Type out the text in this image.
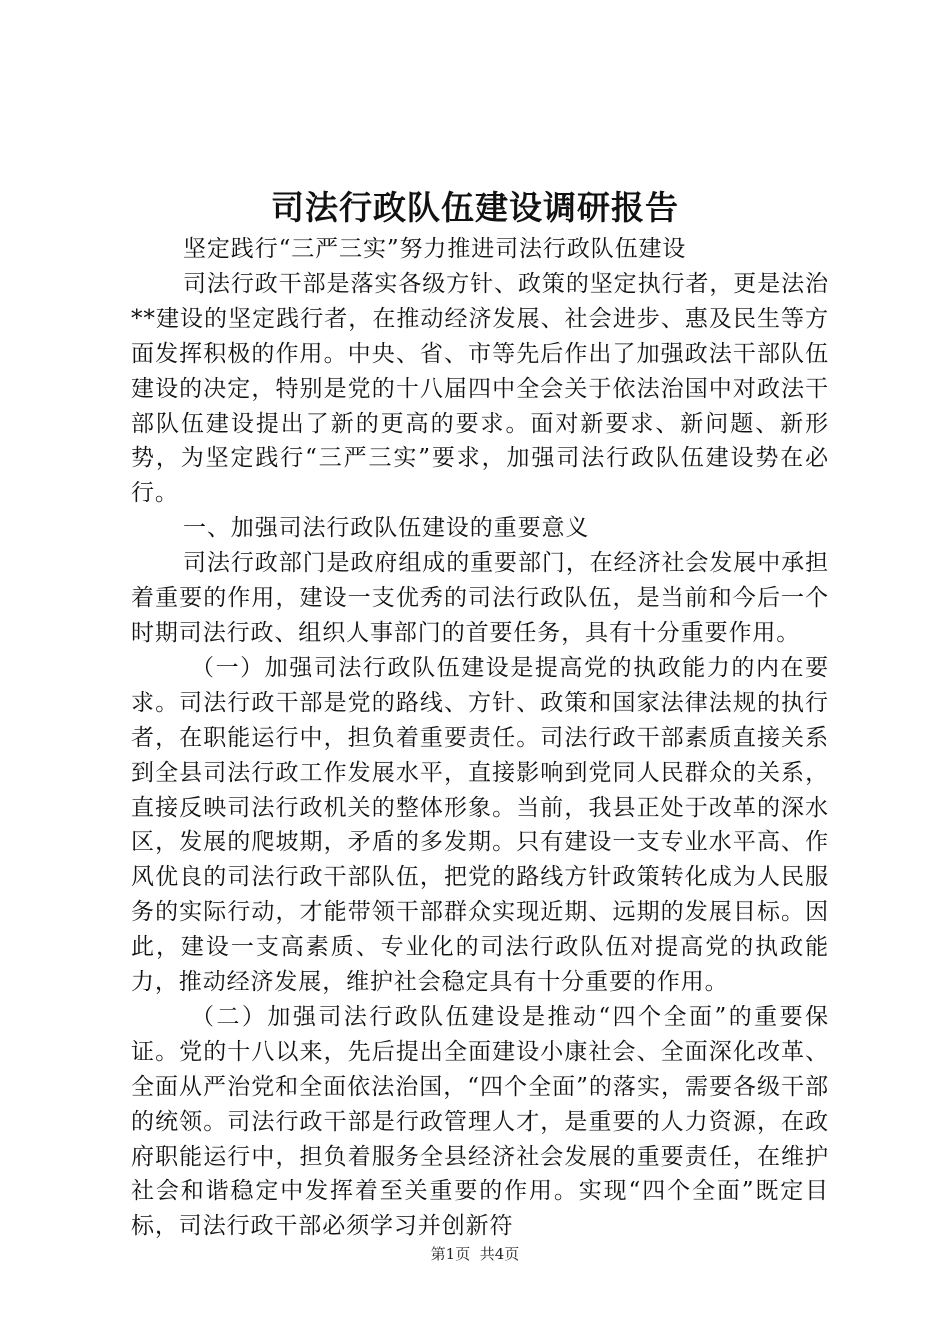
司法行政队伍建设调研报告

坚定践行“三严三实”努力推进司法行政队伍建设

司法行政干部是落实各级方针、政策的坚定执行者，更是法治**建设的坚定践行者，在推动经济发展、社会进步、惠及民生等方面发挥积极的作用。中央、省、市等先后作出了加强政法干部队伍建设的决定，特别是党的十八届四中全会关于依法治国中对政法干部队伍建设提出了新的更高的要求。面对新要求、新问题、新形势，为坚定践行“三严三实”要求，加强司法行政队伍建设势在必行。

一、加强司法行政队伍建设的重要意义

司法行政部门是政府组成的重要部门，在经济社会发展中承担着重要的作用，建设一支优秀的司法行政队伍，是当前和今后一个时期司法行政、组织人事部门的首要任务，具有十分重要作用。

（一）加强司法行政队伍建设是提高党的执政能力的内在要求。司法行政干部是党的路线、方针、政策和国家法律法规的执行者，在职能运行中，担负着重要责任。司法行政干部素质直接关系到全县司法行政工作发展水平，直接影响到党同人民群众的关系，直接反映司法行政机关的整体形象。当前，我县正处于改革的深水区，发展的爬坡期，矛盾的多发期。只有建设一支专业水平高、作风优良的司法行政干部队伍，把党的路线方针政策转化成为人民服务的实际行动，才能带领干部群众实现近期、远期的发展目标。因此，建设一支高素质、专业化的司法行政队伍对提高党的执政能力，推动经济发展，维护社会稳定具有十分重要的作用。

（二）加强司法行政队伍建设是推动“四个全面”的重要保证。党的十八以来，先后提出全面建设小康社会、全面深化改革、全面从严治党和全面依法治国，“四个全面”的落实，需要各级干部的统领。司法行政干部是行政管理人才，是重要的人力资源，在政府职能运行中，担负着服务全县经济社会发展的重要责任，在维护社会和谐稳定中发挥着至关重要的作用。实现“四个全面”既定目标，司法行政干部必须学习并创新符

第1页 共4页
